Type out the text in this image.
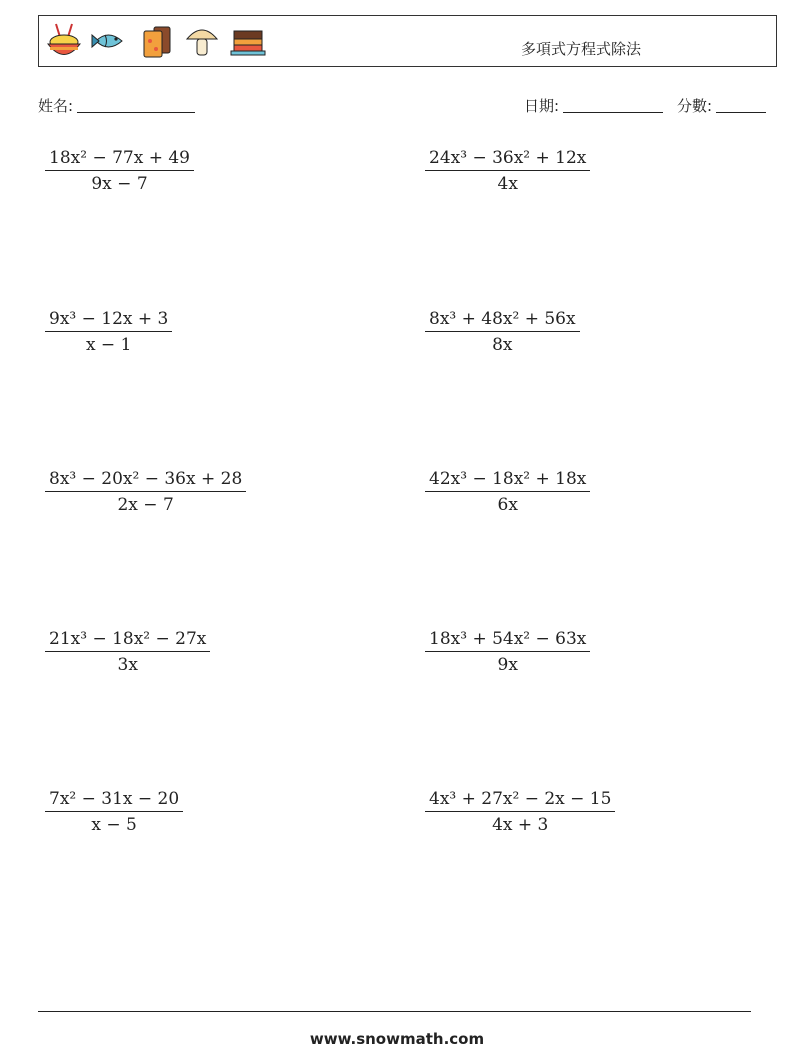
多項式方程式除法
姓名:	日期:	分數:
$\frac{\text{18x² − 77x + 49}}{9x - 7}$
$\frac{\text{9x³ − 12x + 3}}{x - 1}$
$\frac{\text{8x³ − 20x² − 36x + 28}}{2x - 7}$
$\frac{\text{21x³ − 18x² − 27x}}{3x}$
$\frac{\text{7x² − 31x − 20}}{x - 5}$
$\frac{\text{24x³ − 36x² + 12x}}{4x}$
$\frac{\text{8x³ + 48x² + 56x}}{8x}$
$\frac{\text{42x³ − 18x² + 18x}}{6x}$
$\frac{\text{18x³ + 54x² − 63x}}{9x}$
$\frac{\text{4x³ + 27x² − 2x − 15}}{4x + 3}$
www.snowmath.com
